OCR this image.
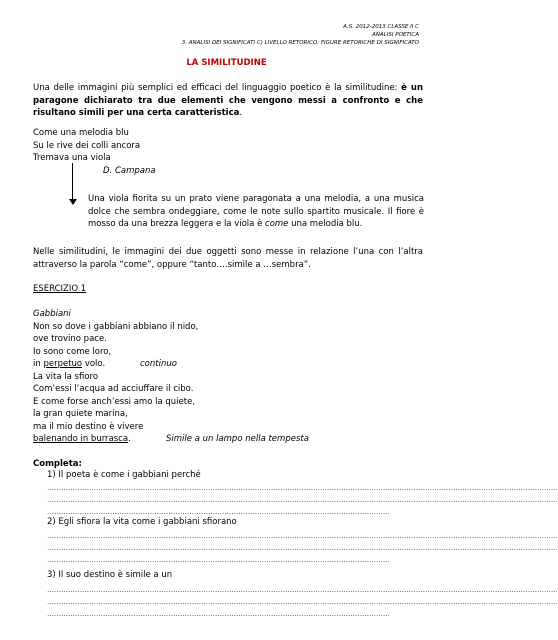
A.S. 2012-2013 CLASSE II C
ANALISI POETICA
3. ANALISI DEI SIGNIFICATI C) LIVELLO RETORICO: FIGURE RETORICHE DI SIGNIFICATO
LA SIMILITUDINE

Una delle immagini più semplici ed efficaci del linguaggio poetico è la similitudine: è un paragone dichiarato tra due elementi che vengono messi a confronto e che risultano simili per una certa caratteristica.

Come una melodia blu
Su le rive dei colli ancora
Tremava una viola
D. Campana

Una viola fiorita su un prato viene paragonata a una melodia, a una musica dolce che sembra ondeggiare, come le note sullo spartito musicale. Il fiore è mosso da una brezza leggera e la viola è come una melodia blu.

Nelle similitudini, le immagini dei due oggetti sono messe in relazione l’una con l’altra attraverso la parola “come”, oppure “tanto….simile a …sembra”.

ESERCIZIO 1
Gabbiani
Non so dove i gabbiani abbiano il nido,
ove trovino pace.
Io sono come loro,
in perpetuo volo.	continuo
La vita la sfioro
Com’essi l’acqua ad acciuffare il cibo.
E come forse anch’essi amo la quiete,
la gran quiete marina,
ma il mio destino è vivere
balenando in burrasca.	Simile a un lampo nella tempesta
Completa:
1) Il poeta è come i gabbiani perché
…………………………………………………………………………………………………………………………………………………………………………………………………
…………………………………………………………………………………………………………………………………………………………………………………………………
…………………………………………………………………………………………………………………………………
2) Egli sfiora la vita come i gabbiani sfiorano
…………………………………………………………………………………………………………………………………………………………………………………………………
…………………………………………………………………………………………………………………………………………………………………………………………………
…………………………………………………………………………………………………………………………………
3) Il suo destino è simile a un
…………………………………………………………………………………………………………………………………………………………………………………………………
…………………………………………………………………………………………………………………………………………………………………………………………………
…………………………………………………………………………………………………………………………………
